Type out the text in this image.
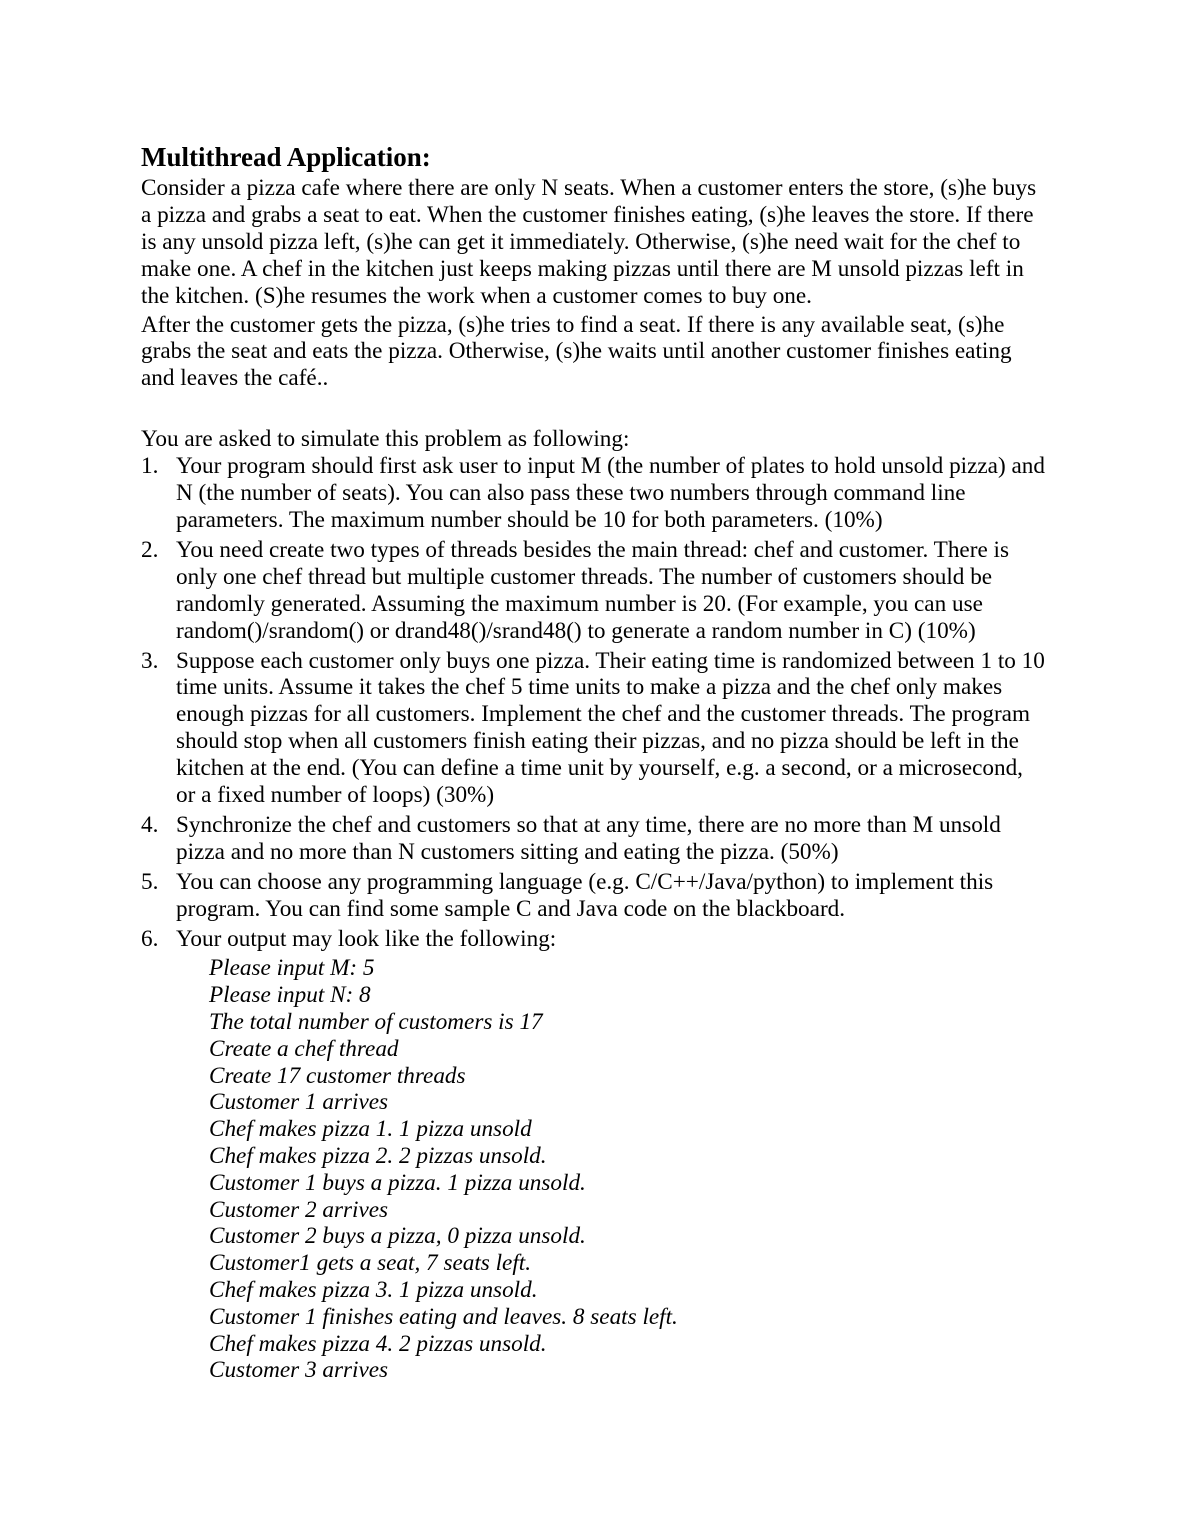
Multithread Application:
Consider a pizza cafe where there are only N seats. When a customer enters the store, (s)he buys
a pizza and grabs a seat to eat. When the customer finishes eating, (s)he leaves the store. If there
is any unsold pizza left, (s)he can get it immediately. Otherwise, (s)he need wait for the chef to
make one. A chef in the kitchen just keeps making pizzas until there are M unsold pizzas left in
the kitchen. (S)he resumes the work when a customer comes to buy one.
After the customer gets the pizza, (s)he tries to find a seat. If there is any available seat, (s)he
grabs the seat and eats the pizza. Otherwise, (s)he waits until another customer finishes eating
and leaves the café..
You are asked to simulate this problem as following:
1. Your program should first ask user to input M (the number of plates to hold unsold pizza) and
N (the number of seats). You can also pass these two numbers through command line
parameters. The maximum number should be 10 for both parameters. (10%)
2. You need create two types of threads besides the main thread: chef and customer. There is
only one chef thread but multiple customer threads. The number of customers should be
randomly generated. Assuming the maximum number is 20. (For example, you can use
random()/srandom() or drand48()/srand48() to generate a random number in C) (10%)
3. Suppose each customer only buys one pizza. Their eating time is randomized between 1 to 10
time units. Assume it takes the chef 5 time units to make a pizza and the chef only makes
enough pizzas for all customers. Implement the chef and the customer threads. The program
should stop when all customers finish eating their pizzas, and no pizza should be left in the
kitchen at the end. (You can define a time unit by yourself, e.g. a second, or a microsecond,
or a fixed number of loops) (30%)
4. Synchronize the chef and customers so that at any time, there are no more than M unsold
pizza and no more than N customers sitting and eating the pizza. (50%)
5. You can choose any programming language (e.g. C/C++/Java/python) to implement this
program. You can find some sample C and Java code on the blackboard.
6. Your output may look like the following:
Please input M: 5
Please input N: 8
The total number of customers is 17
Create a chef thread
Create 17 customer threads
Customer 1 arrives
Chef makes pizza 1. 1 pizza unsold
Chef makes pizza 2. 2 pizzas unsold.
Customer 1 buys a pizza. 1 pizza unsold.
Customer 2 arrives
Customer 2 buys a pizza, 0 pizza unsold.
Customer1 gets a seat, 7 seats left.
Chef makes pizza 3. 1 pizza unsold.
Customer 1 finishes eating and leaves. 8 seats left.
Chef makes pizza 4. 2 pizzas unsold.
Customer 3 arrives
